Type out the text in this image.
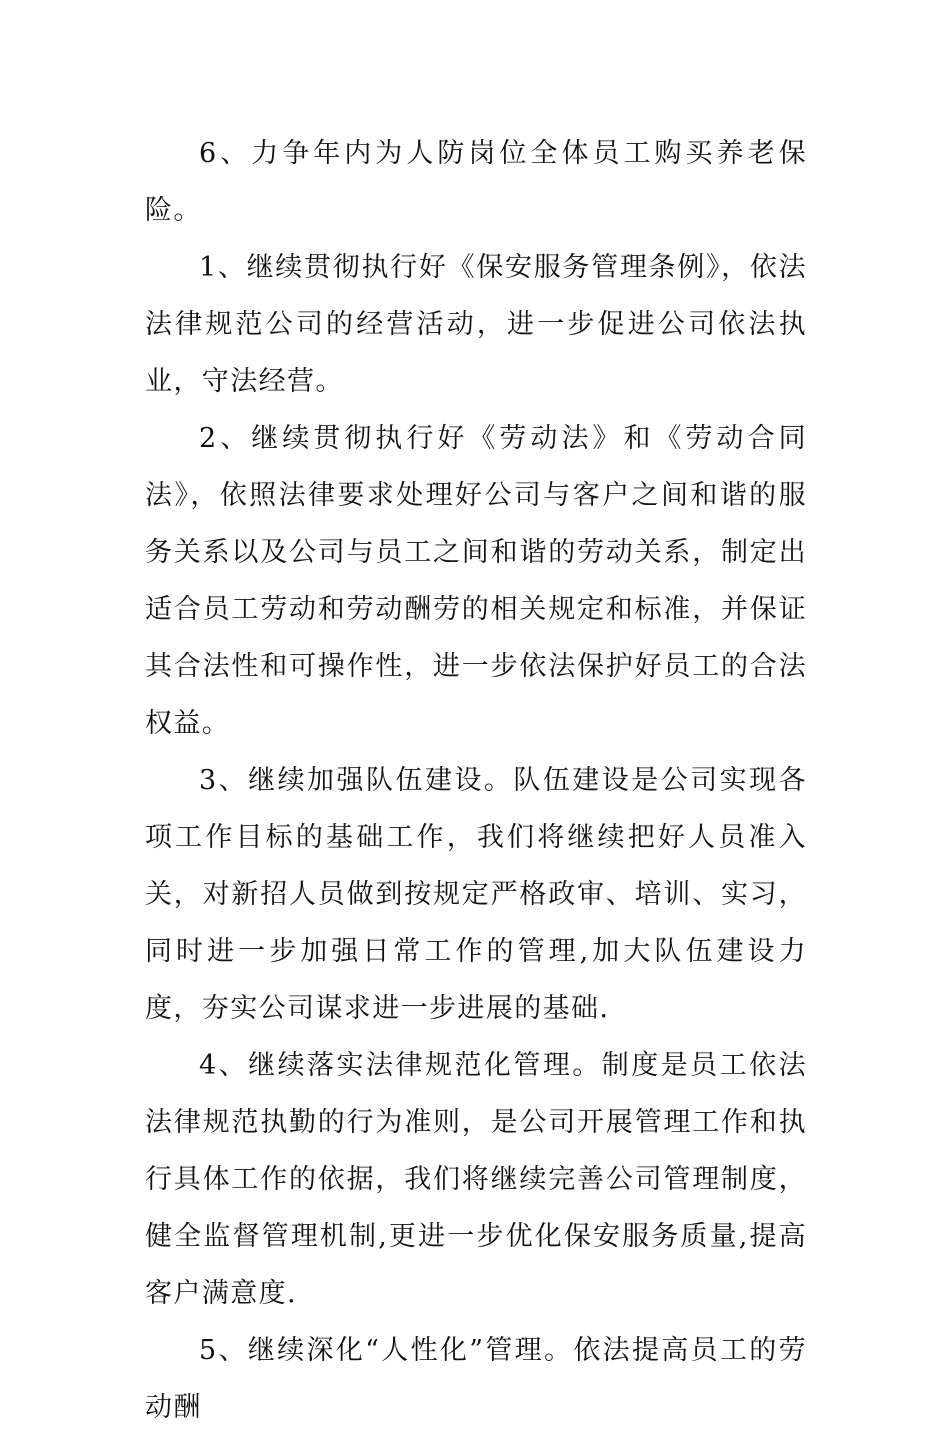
6、力争年内为人防岗位全体员工购买养老保险。

1、继续贯彻执行好《保安服务管理条例》，依法法律规范公司的经营活动，进一步促进公司依法执业，守法经营。

2、继续贯彻执行好《劳动法》和《劳动合同法》，依照法律要求处理好公司与客户之间和谐的服务关系以及公司与员工之间和谐的劳动关系，制定出适合员工劳动和劳动酬劳的相关规定和标准，并保证其合法性和可操作性，进一步依法保护好员工的合法权益。

3、继续加强队伍建设。队伍建设是公司实现各项工作目标的基础工作，我们将继续把好人员准入关，对新招人员做到按规定严格政审、培训、实习，同时进一步加强日常工作的管理,加大队伍建设力度，夯实公司谋求进一步进展的基础.

4、继续落实法律规范化管理。制度是员工依法法律规范执勤的行为准则，是公司开展管理工作和执行具体工作的依据，我们将继续完善公司管理制度，健全监督管理机制,更进一步优化保安服务质量,提高客户满意度.

5、继续深化“人性化”管理。依法提高员工的劳动酬
